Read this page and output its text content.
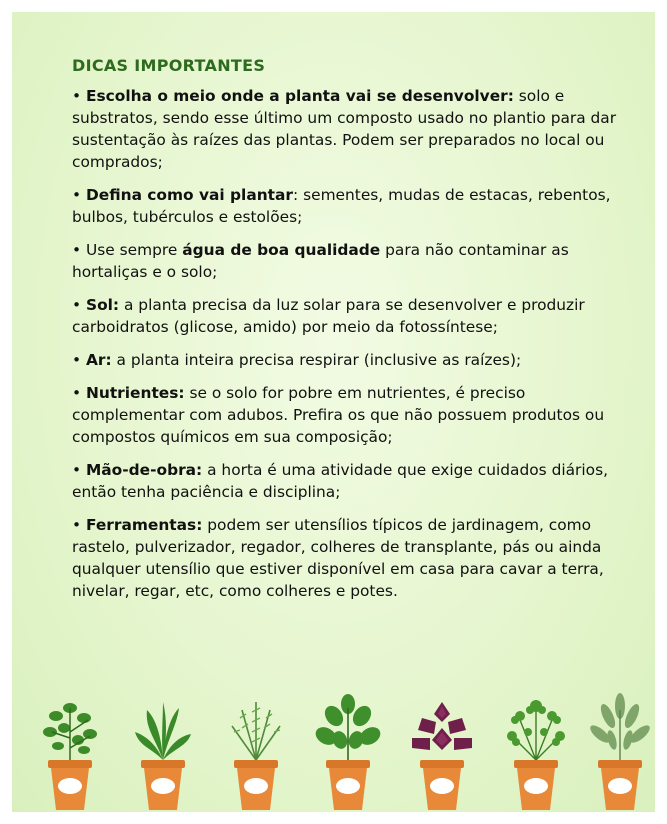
DICAS IMPORTANTES

• Escolha o meio onde a planta vai se desenvolver: solo e substratos, sendo esse último um composto usado no plantio para dar sustentação às raízes das plantas. Podem ser preparados no local ou comprados;

• Defina como vai plantar: sementes, mudas de estacas, rebentos, bulbos, tubérculos e estolões;

• Use sempre água de boa qualidade para não contaminar as hortaliças e o solo;

• Sol: a planta precisa da luz solar para se desenvolver e produzir carboidratos (glicose, amido) por meio da fotossíntese;

• Ar: a planta inteira precisa respirar (inclusive as raízes);

• Nutrientes: se o solo for pobre em nutrientes, é preciso complementar com adubos. Prefira os que não possuem produtos ou compostos químicos em sua composição;

• Mão-de-obra: a horta é uma atividade que exige cuidados diários, então tenha paciência e disciplina;

• Ferramentas: podem ser utensílios típicos de jardinagem, como rastelo, pulverizador, regador, colheres de transplante, pás ou ainda qualquer utensílio que estiver disponível em casa para cavar a terra, nivelar, regar, etc, como colheres e potes.
